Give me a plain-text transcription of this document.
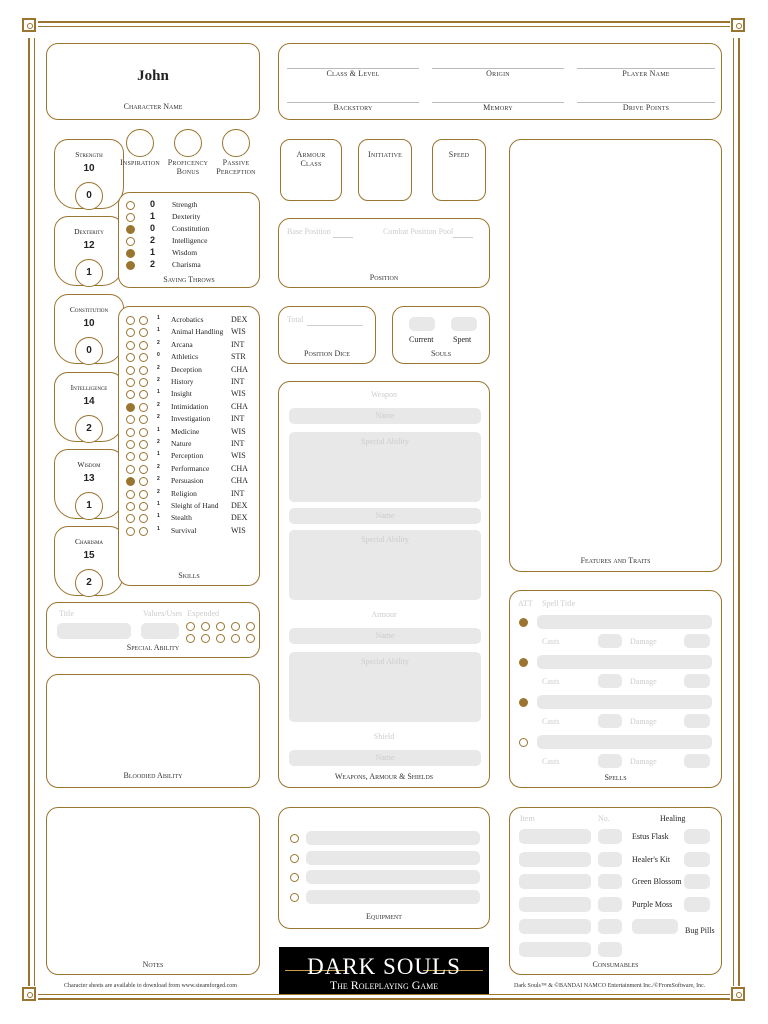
John
Character Name
Class & Level	Origin	Player Name
Backstory	Memory	Drive Points
Strength
10
0
Dexterity
12
1
Constitution
10
0
Intelligence
14
2
Wisdom
13
1
Charisma
15
2
Inspiration Proficency
Bonus
Passive
Perception
Saving Throws
0 Strength
1 Dexterity
0 Constitution
2 Intelligence
1 Wisdom
2 Charisma
Skills
1 Acrobatics	DEX
1 Animal Handling WIS
2 Arcana	INT
0 Athletics	STR
2 Deception	CHA
2 History	INT
1 Insight	WIS
2 Intimidation	CHA
2 Investigation	INT
1 Medicine	WIS
2 Nature	INT
1 Perception	WIS
2 Performance	CHA
2 Persuasion	CHA
2 Religion	INT
1 Sleight of Hand DEX
1 Stealth	DEX
1 Survival	WIS
Title	Values/Uses Expended
Special Ability
Bloodied Ability
Notes
Armour
Class
Initiative	Speed
Base Position	Combat Position Pool
Position
Total
Position Dice
Current Spent
Souls
Weapon
Name
Special Ability
Name
Special Ability
Armour
Name
Special Ability
Shield
Name
Weapons, Armour & Shields
Equipment
DARK SOULS
The Roleplaying Game
Features and Traits
ATT Spell Title
Spells
Casts	Damage
Casts	Damage
Casts	Damage
Casts	Damage
Item	No.	Healing
Consumables
Estus Flask
Healer's Kit
Green Blossom
Purple Moss
Bug Pills
Character sheets are available to download from www.steamforged.com	Dark Souls™ & ©BANDAI NAMCO Entertainment Inc./©FromSoftware, Inc.
